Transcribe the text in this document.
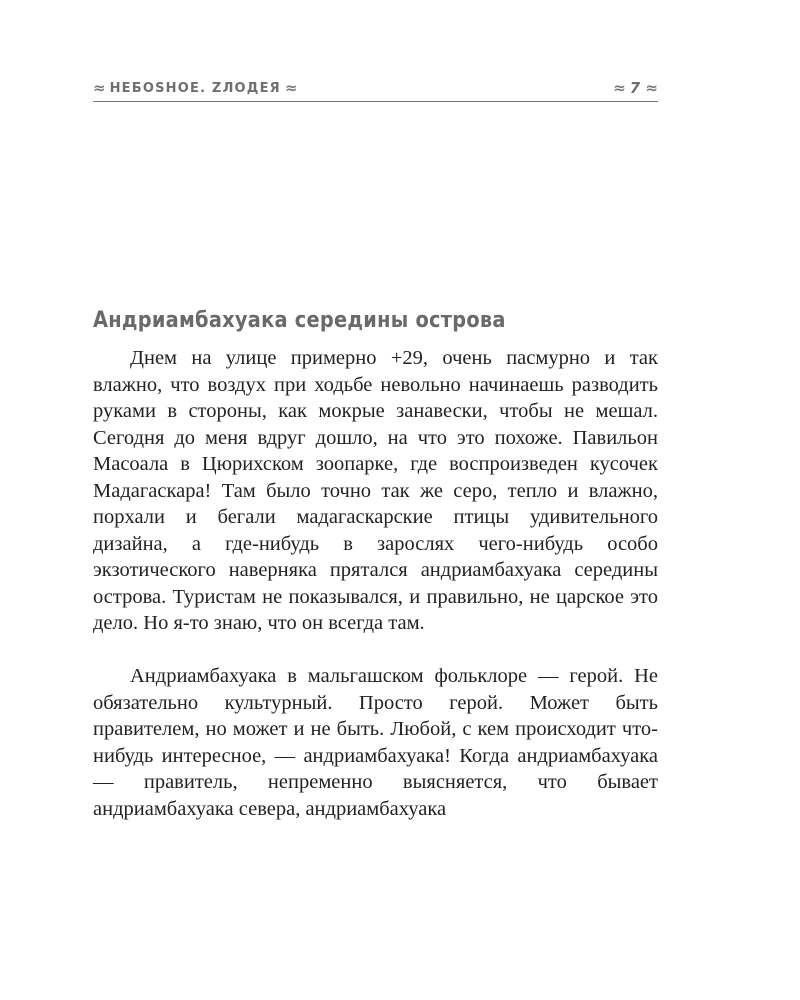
≈ НЕБОSНОЕ. ZЛОДЕЯ ≈	≈ 7 ≈
Андриамбахуака середины острова

Днем на улице примерно +29, очень пасмурно и так влажно, что воздух при ходьбе невольно начинаешь разводить руками в стороны, как мокрые занавески, чтобы не мешал. Сегодня до меня вдруг дошло, на что это похоже. Павильон Масоала в Цюрихском зоопарке, где воспроизведен кусочек Мадагаскара! Там было точно так же серо, тепло и влажно, порхали и бегали мадагаскарские птицы удивительного дизайна, а где-нибудь в зарослях чего-нибудь особо экзотического наверняка прятался андриамбахуака середины острова. Туристам не показывался, и правильно, не царское это дело. Но я-то знаю, что он всегда там.

Андриамбахуака в мальгашском фольклоре — герой. Не обязательно культурный. Просто герой. Может быть правителем, но может и не быть. Любой, с кем происходит что-нибудь интересное, — андриамбахуака! Когда андриамбахуака — правитель, непременно выясняется, что бывает андриамбахуака севера, андриамбахуака
